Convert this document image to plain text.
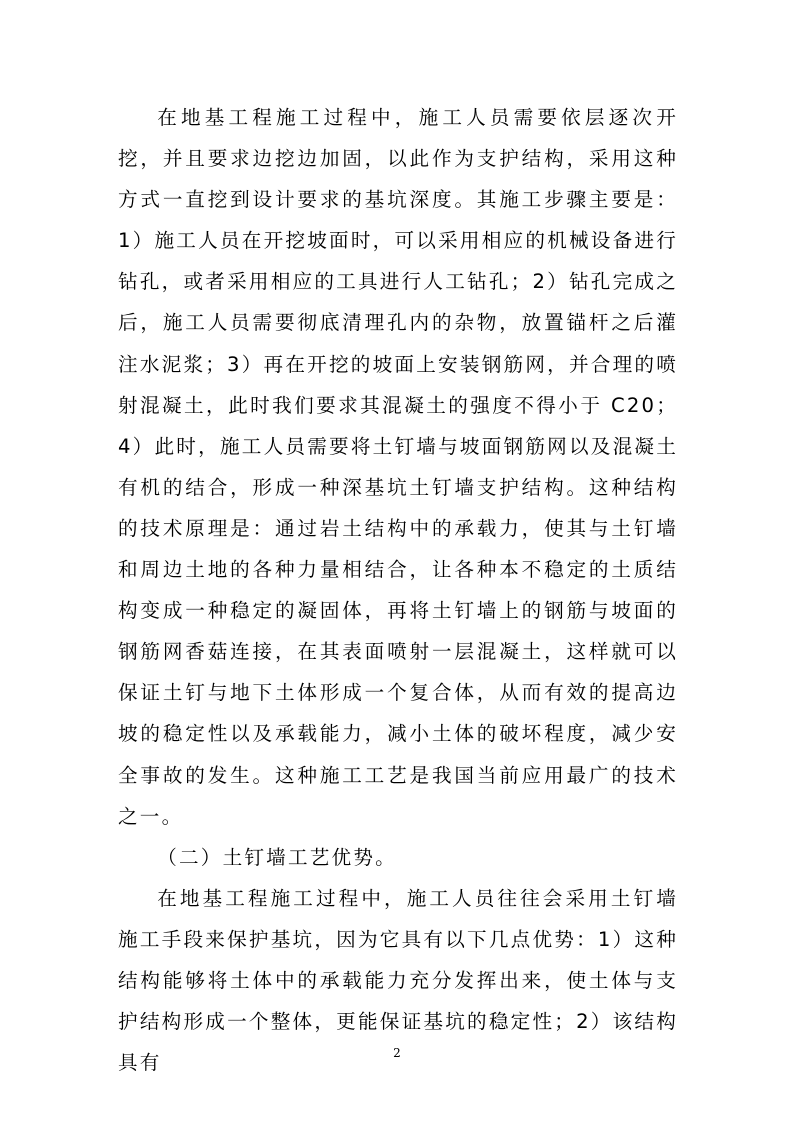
在地基工程施工过程中，施工人员需要依层逐次开挖，并且要求边挖边加固，以此作为支护结构，采用这种方式一直挖到设计要求的基坑深度。其施工步骤主要是：1）施工人员在开挖坡面时，可以采用相应的机械设备进行钻孔，或者采用相应的工具进行人工钻孔；2）钻孔完成之后，施工人员需要彻底清理孔内的杂物，放置锚杆之后灌注水泥浆；3）再在开挖的坡面上安装钢筋网，并合理的喷射混凝土，此时我们要求其混凝土的强度不得小于 C20；4）此时，施工人员需要将土钉墙与坡面钢筋网以及混凝土有机的结合，形成一种深基坑土钉墙支护结构。这种结构的技术原理是：通过岩土结构中的承载力，使其与土钉墙和周边土地的各种力量相结合，让各种本不稳定的土质结构变成一种稳定的凝固体，再将土钉墙上的钢筋与坡面的钢筋网香菇连接，在其表面喷射一层混凝土，这样就可以保证土钉与地下土体形成一个复合体，从而有效的提高边坡的稳定性以及承载能力，减小土体的破坏程度，减少安全事故的发生。这种施工工艺是我国当前应用最广的技术之一。

（二）土钉墙工艺优势。

在地基工程施工过程中，施工人员往往会采用土钉墙施工手段来保护基坑，因为它具有以下几点优势：1）这种结构能够将土体中的承载能力充分发挥出来，使土体与支护结构形成一个整体，更能保证基坑的稳定性；2）该结构具有	2
